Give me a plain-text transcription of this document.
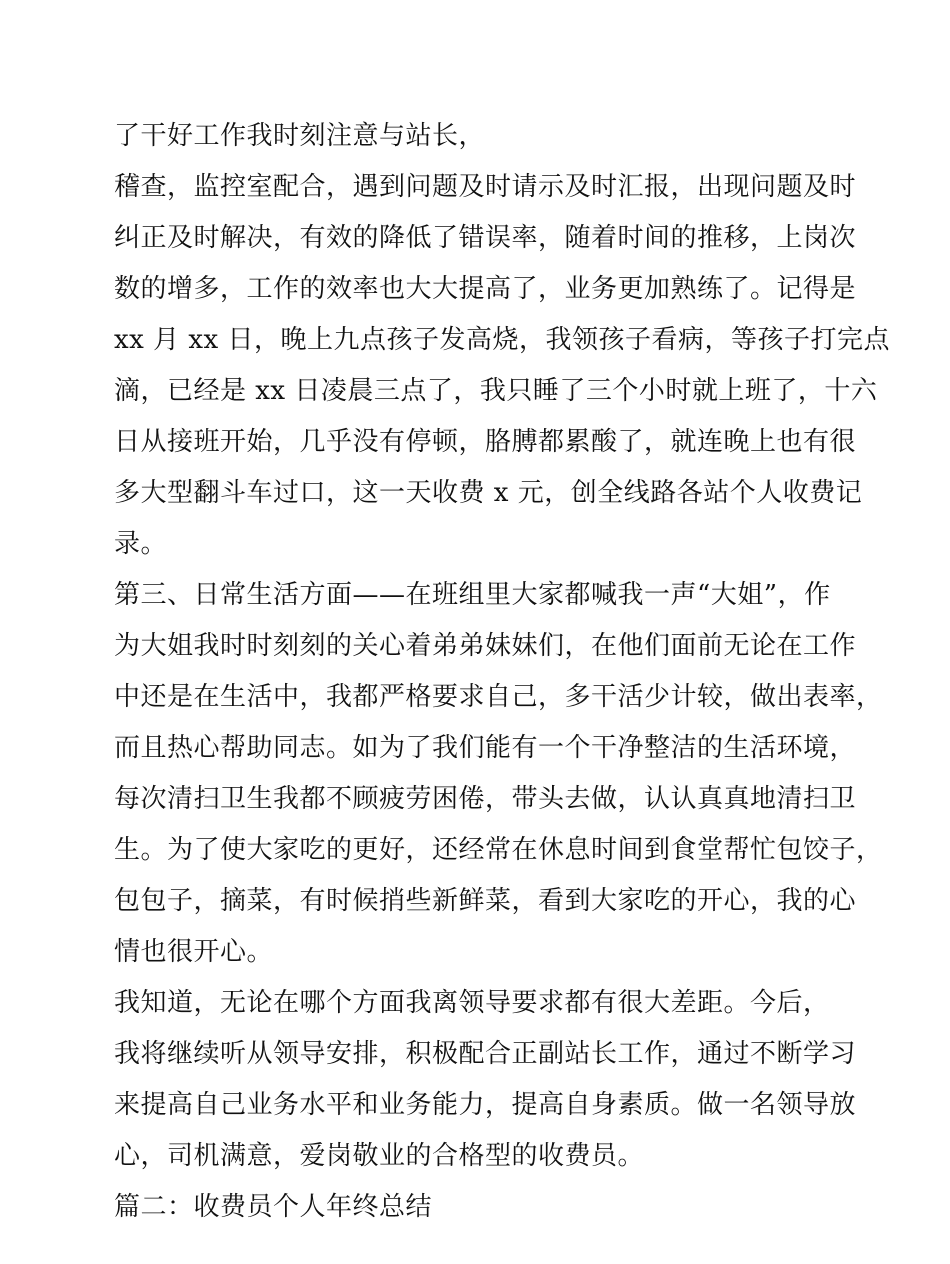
了干好工作我时刻注意与站长，
稽查，监控室配合，遇到问题及时请示及时汇报，出现问题及时
纠正及时解决，有效的降低了错误率，随着时间的推移，上岗次
数的增多，工作的效率也大大提高了，业务更加熟练了。记得是
xx 月 xx 日，晚上九点孩子发高烧，我领孩子看病，等孩子打完点
滴，已经是 xx 日凌晨三点了，我只睡了三个小时就上班了，十六
日从接班开始，几乎没有停顿，胳膊都累酸了，就连晚上也有很
多大型翻斗车过口，这一天收费 x 元，创全线路各站个人收费记
录。
第三、日常生活方面——在班组里大家都喊我一声“大姐”，作
为大姐我时时刻刻的关心着弟弟妹妹们，在他们面前无论在工作
中还是在生活中，我都严格要求自己，多干活少计较，做出表率，
而且热心帮助同志。如为了我们能有一个干净整洁的生活环境，
每次清扫卫生我都不顾疲劳困倦，带头去做，认认真真地清扫卫
生。为了使大家吃的更好，还经常在休息时间到食堂帮忙包饺子，
包包子，摘菜，有时候捎些新鲜菜，看到大家吃的开心，我的心
情也很开心。
我知道，无论在哪个方面我离领导要求都有很大差距。今后，
我将继续听从领导安排，积极配合正副站长工作，通过不断学习
来提高自己业务水平和业务能力，提高自身素质。做一名领导放
心，司机满意，爱岗敬业的合格型的收费员。
篇二：收费员个人年终总结
